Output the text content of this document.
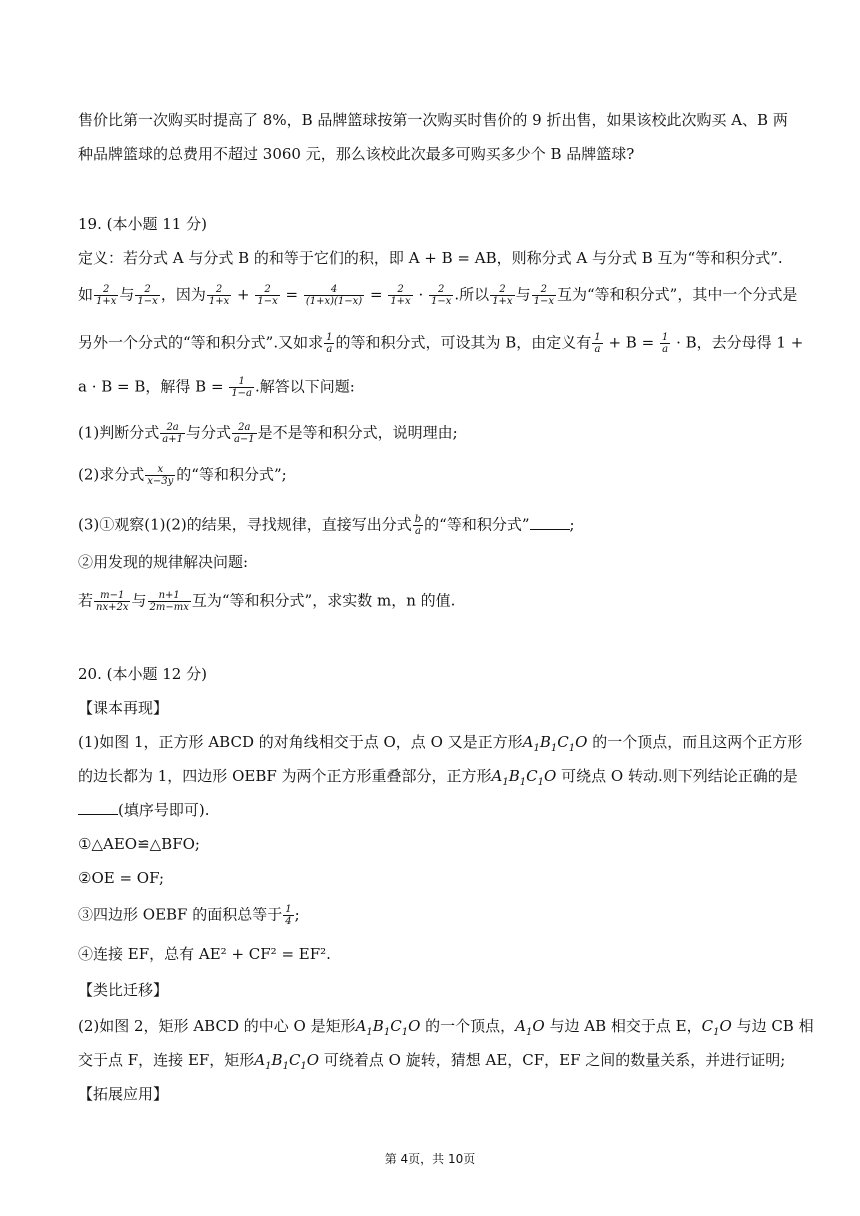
售价比第一次购买时提高了 8%，B 品牌篮球按第一次购买时售价的 9 折出售，如果该校此次购买 A、B 两
种品牌篮球的总费用不超过 3060 元，那么该校此次最多可购买多少个 B 品牌篮球?
19. (本小题 11 分)
定义：若分式 A 与分式 B 的和等于它们的积，即 A + B = AB，则称分式 A 与分式 B 互为“等和积分式”.
如 $\frac{2}{1+x}$ 与 $\frac{2}{1-x}$ ，因为 $\frac{2}{1+x} + \frac{2}{1-x} = \frac{4}{(1+x)(1-x)} = \frac{2}{1+x} \cdot \frac{2}{1-x}$ .所以 $\frac{2}{1+x}$ 与 $\frac{2}{1-x}$ 互为“等和积分式”，其中一个分式是
另外一个分式的“等和积分式”.又如求 $\frac{1}{a}$ 的等和积分式，可设其为 B，由定义有 $\frac{1}{a} + B = \frac{1}{a} \cdot B$，去分母得 1 +
a · B = B，解得 $B = \frac{1}{1-a}$ .解答以下问题:
(1)判断分式 $\frac{2a}{a+1}$ 与分式 $\frac{2a}{a-1}$ 是不是等和积分式，说明理由;
(2)求分式 $\frac{x}{x-3y}$ 的“等和积分式”;
(3)①观察(1)(2)的结果，寻找规律，直接写出分式 $\frac{b}{a}$ 的“等和积分式”	;
②用发现的规律解决问题:
若 $\frac{m-1}{nx+2x}$ 与 $\frac{n+1}{2m-mx}$ 互为“等和积分式”，求实数 m，n 的值.
20. (本小题 12 分)
【课本再现】
(1)如图 1，正方形 ABCD 的对角线相交于点 O，点 O 又是正方形$A_1B_1C_1O$ 的一个顶点，而且这两个正方形
的边长都为 1，四边形 OEBF 为两个正方形重叠部分，正方形$A_1B_1C_1O$ 可绕点 O 转动.则下列结论正确的是
(填序号即可).
①△AEO≌△BFO;
②OE = OF;
③四边形 OEBF 的面积总等于 $\frac{1}{4}$ ;
④连接 EF，总有 AE² + CF² = EF².
【类比迁移】
(2)如图 2，矩形 ABCD 的中心 O 是矩形$A_1B_1C_1O$ 的一个顶点，$A_1O$ 与边 AB 相交于点 E，$C_1O$ 与边 CB 相
交于点 F，连接 EF，矩形$A_1B_1C_1O$ 可绕着点 O 旋转，猜想 AE，CF，EF 之间的数量关系，并进行证明;
【拓展应用】
第 4页，共 10页
